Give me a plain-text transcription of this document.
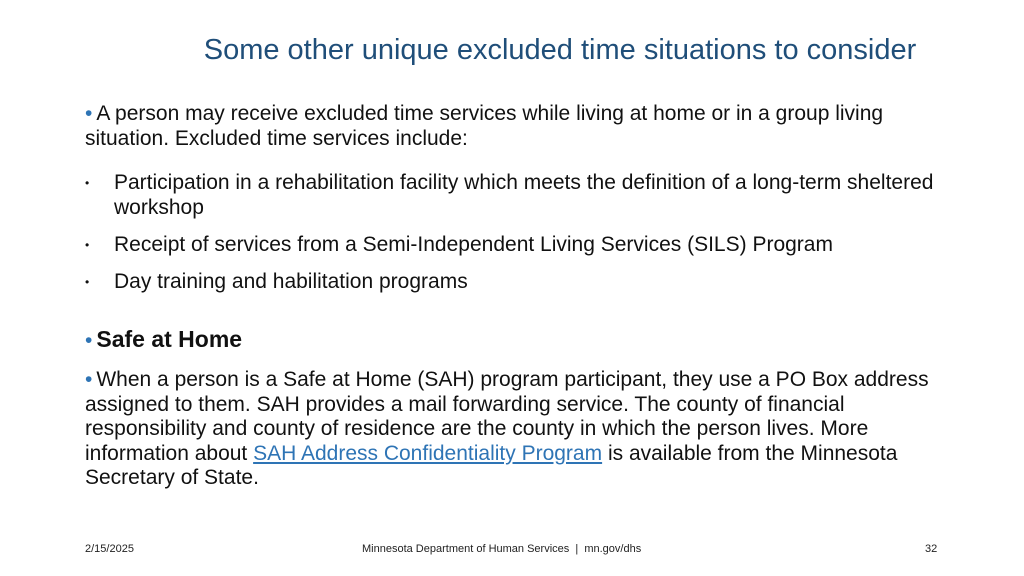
Some other unique excluded time situations to consider
• A person may receive excluded time services while living at home or in a group living situation. Excluded time services include:
• Participation in a rehabilitation facility which meets the definition of a long-term sheltered workshop
• Receipt of services from a Semi-Independent Living Services (SILS) Program
• Day training and habilitation programs
• Safe at Home
• When a person is a Safe at Home (SAH) program participant, they use a PO Box address assigned to them. SAH provides a mail forwarding service. The county of financial responsibility and county of residence are the county in which the person lives. More information about SAH Address Confidentiality Program is available from the Minnesota Secretary of State.
2/15/2025	Minnesota Department of Human Services  |  mn.gov/dhs	32
